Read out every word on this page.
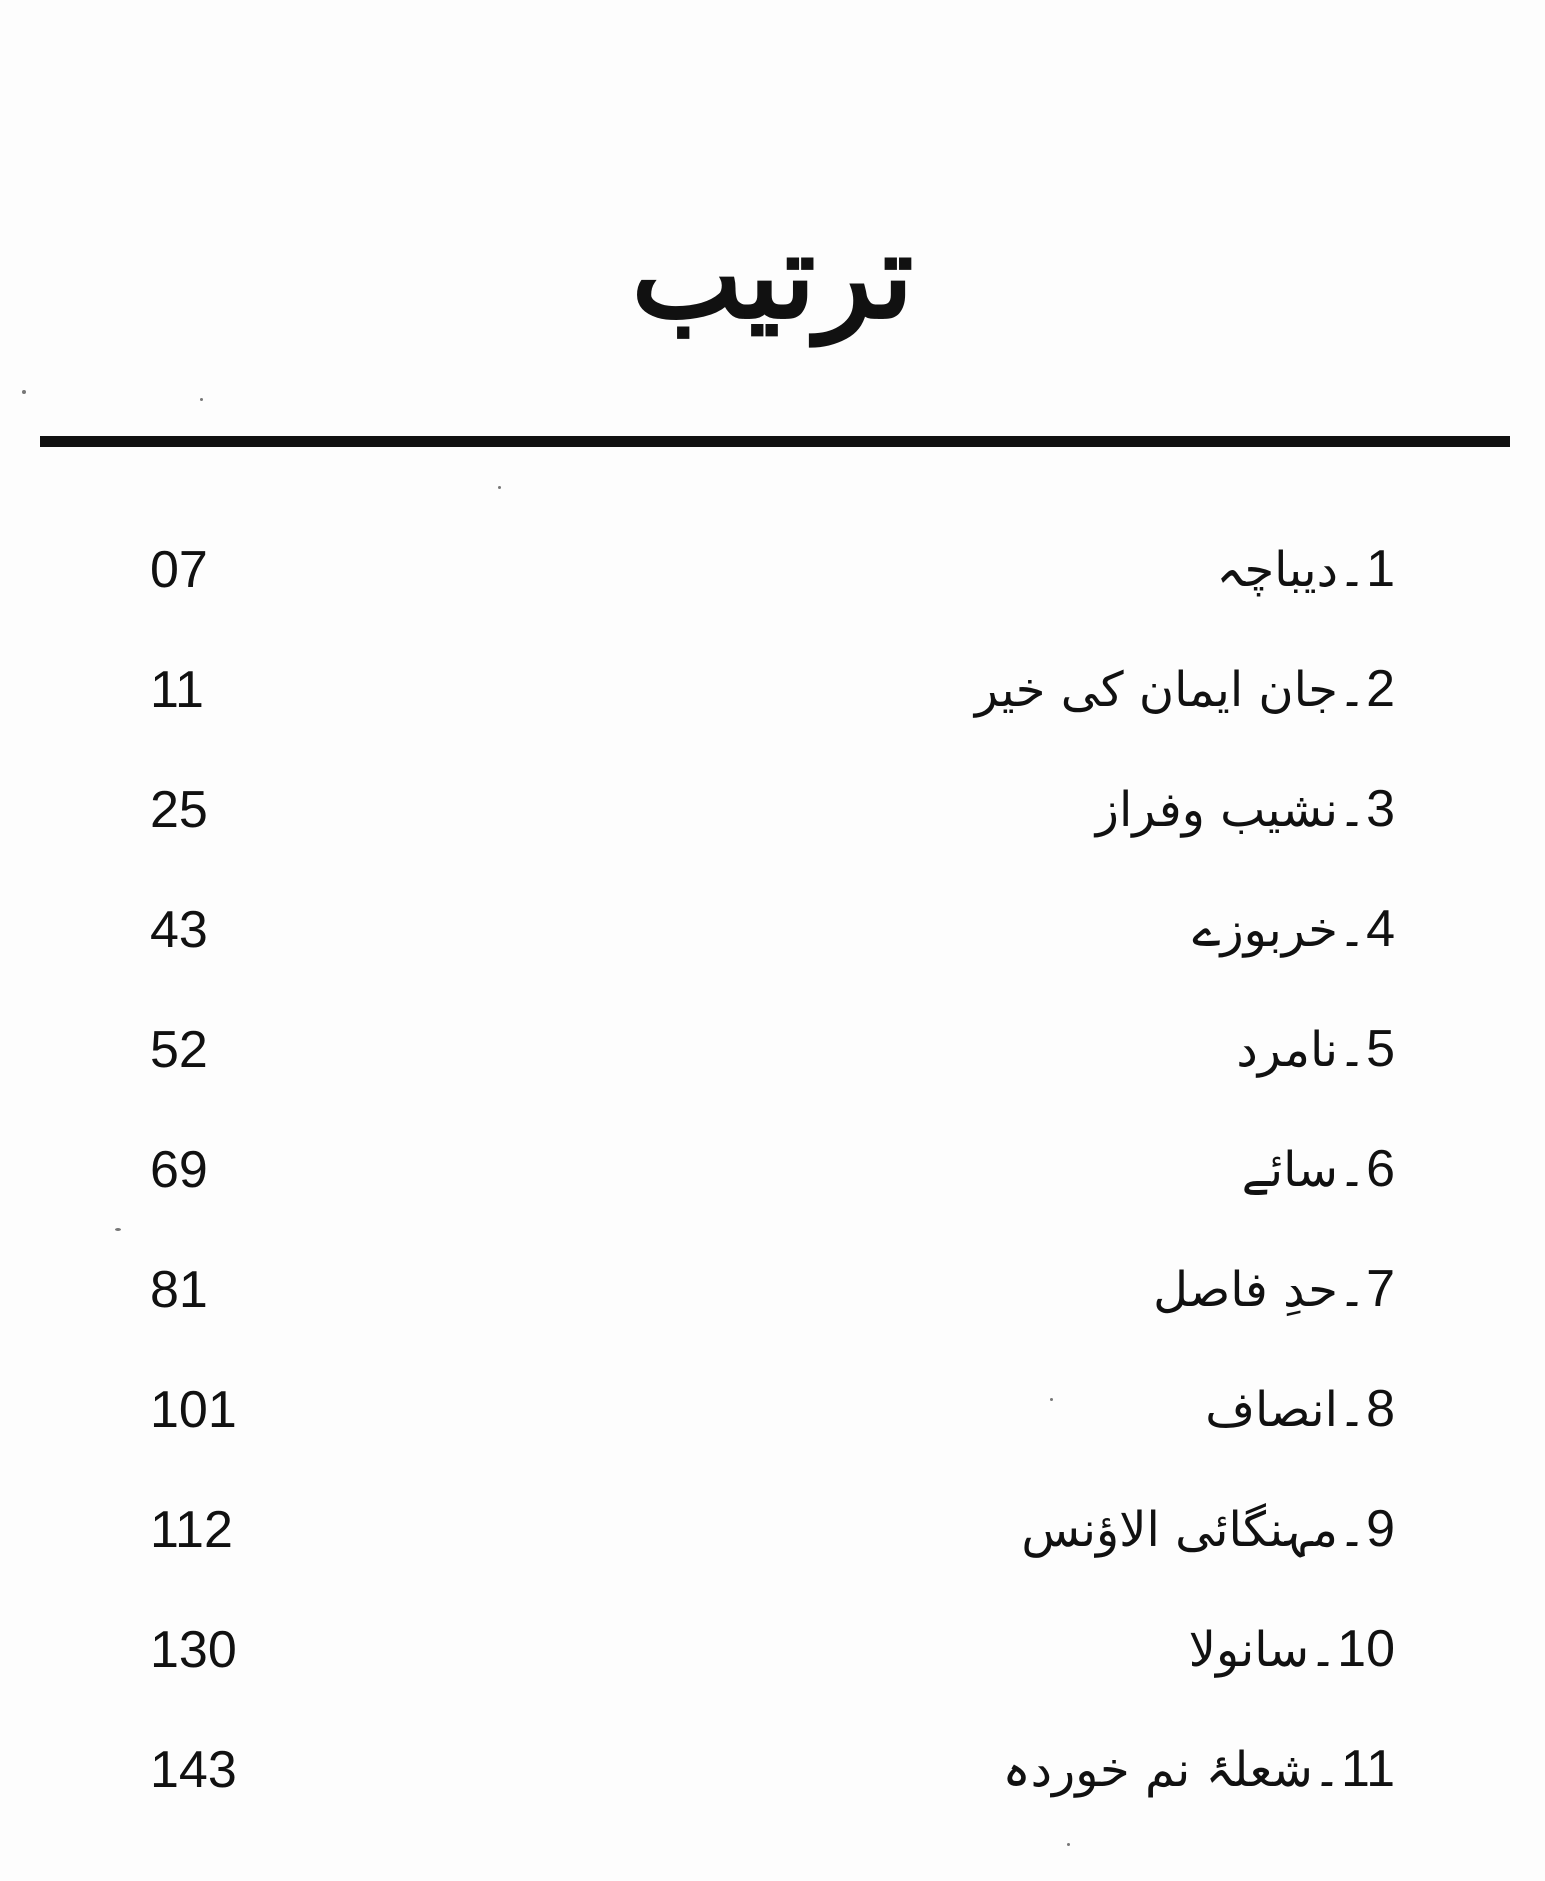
ترتیب
07	1۔دیباچہ
11	2۔جان ایمان کی خیر
25	3۔نشیب وفراز
43	4۔خربوزے
52	5۔نامرد
69	6۔سائے
81	7۔حدِ فاصل
101	8۔انصاف
112	9۔مہنگائی الاؤنس
130	10۔سانولا
143	11۔شعلۂ نم خوردہ
